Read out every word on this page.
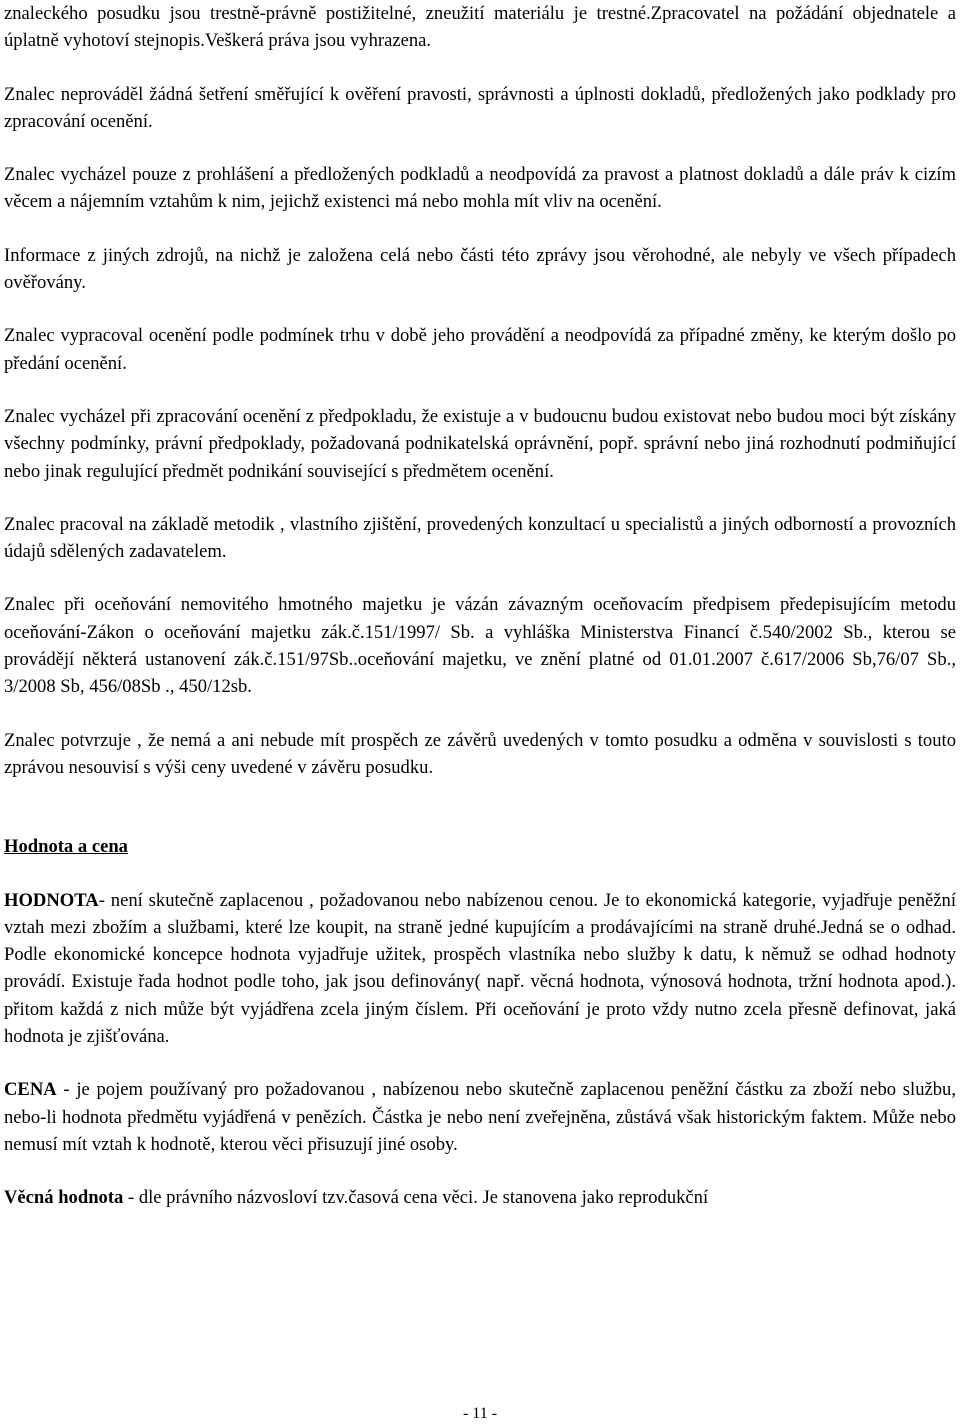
znaleckého posudku jsou trestně-právně postižitelné, zneužití materiálu je trestné.Zpracovatel na požádání objednatele a úplatně vyhotoví stejnopis.Veškerá práva jsou vyhrazena.

Znalec neprováděl žádná šetření směřující k ověření pravosti, správnosti a úplnosti dokladů, předložených jako podklady pro zpracování ocenění.

Znalec vycházel pouze z prohlášení a předložených podkladů a neodpovídá za pravost a platnost dokladů a dále práv k cizím věcem a nájemním vztahům k nim, jejichž existenci má nebo mohla mít vliv na ocenění.

Informace z jiných zdrojů, na nichž je založena celá nebo části této zprávy jsou věrohodné, ale nebyly ve všech případech ověřovány.

Znalec vypracoval ocenění podle podmínek trhu v době jeho provádění a neodpovídá za případné změny, ke kterým došlo po předání ocenění.

Znalec vycházel při zpracování ocenění z předpokladu, že existuje a v budoucnu budou existovat nebo budou moci být získány všechny podmínky, právní předpoklady, požadovaná podnikatelská oprávnění, popř. správní nebo jiná rozhodnutí podmiňující nebo jinak regulující předmět podnikání související s předmětem ocenění.

Znalec pracoval na základě metodik , vlastního zjištění, provedených konzultací u specialistů a jiných odborností a provozních údajů sdělených zadavatelem.

Znalec při oceňování nemovitého hmotného majetku je vázán závazným oceňovacím předpisem předepisujícím metodu oceňování-Zákon o oceňování majetku zák.č.151/1997/ Sb. a vyhláška Ministerstva Financí č.540/2002 Sb., kterou se provádějí některá ustanovení zák.č.151/97Sb..oceňování majetku, ve znění platné od 01.01.2007 č.617/2006 Sb,76/07 Sb., 3/2008 Sb, 456/08Sb ., 450/12sb.

Znalec potvrzuje , že nemá a ani nebude mít prospěch ze závěrů uvedených v tomto posudku a odměna v souvislosti s touto zprávou nesouvisí s výši ceny uvedené v závěru posudku.

Hodnota a cena

HODNOTA- není skutečně zaplacenou , požadovanou nebo nabízenou cenou. Je to ekonomická kategorie, vyjadřuje peněžní vztah mezi zbožím a službami, které lze koupit, na straně jedné kupujícím a prodávajícími na straně druhé.Jedná se o odhad. Podle ekonomické koncepce hodnota vyjadřuje užitek, prospěch vlastníka nebo služby k datu, k němuž se odhad hodnoty provádí. Existuje řada hodnot podle toho, jak jsou definovány( např. věcná hodnota, výnosová hodnota, tržní hodnota apod.). přitom každá z nich může být vyjádřena zcela jiným číslem. Při oceňování je proto vždy nutno zcela přesně definovat, jaká hodnota je zjišťována.

CENA - je pojem používaný pro požadovanou , nabízenou nebo skutečně zaplacenou peněžní částku za zboží nebo službu, nebo-li hodnota předmětu vyjádřená v penězích. Částka je nebo není zveřejněna, zůstává však historickým faktem. Může nebo nemusí mít vztah k hodnotě, kterou věci přisuzují jiné osoby.

Věcná hodnota - dle právního názvosloví tzv.časová cena věci. Je stanovena jako reprodukční

- 11 -
